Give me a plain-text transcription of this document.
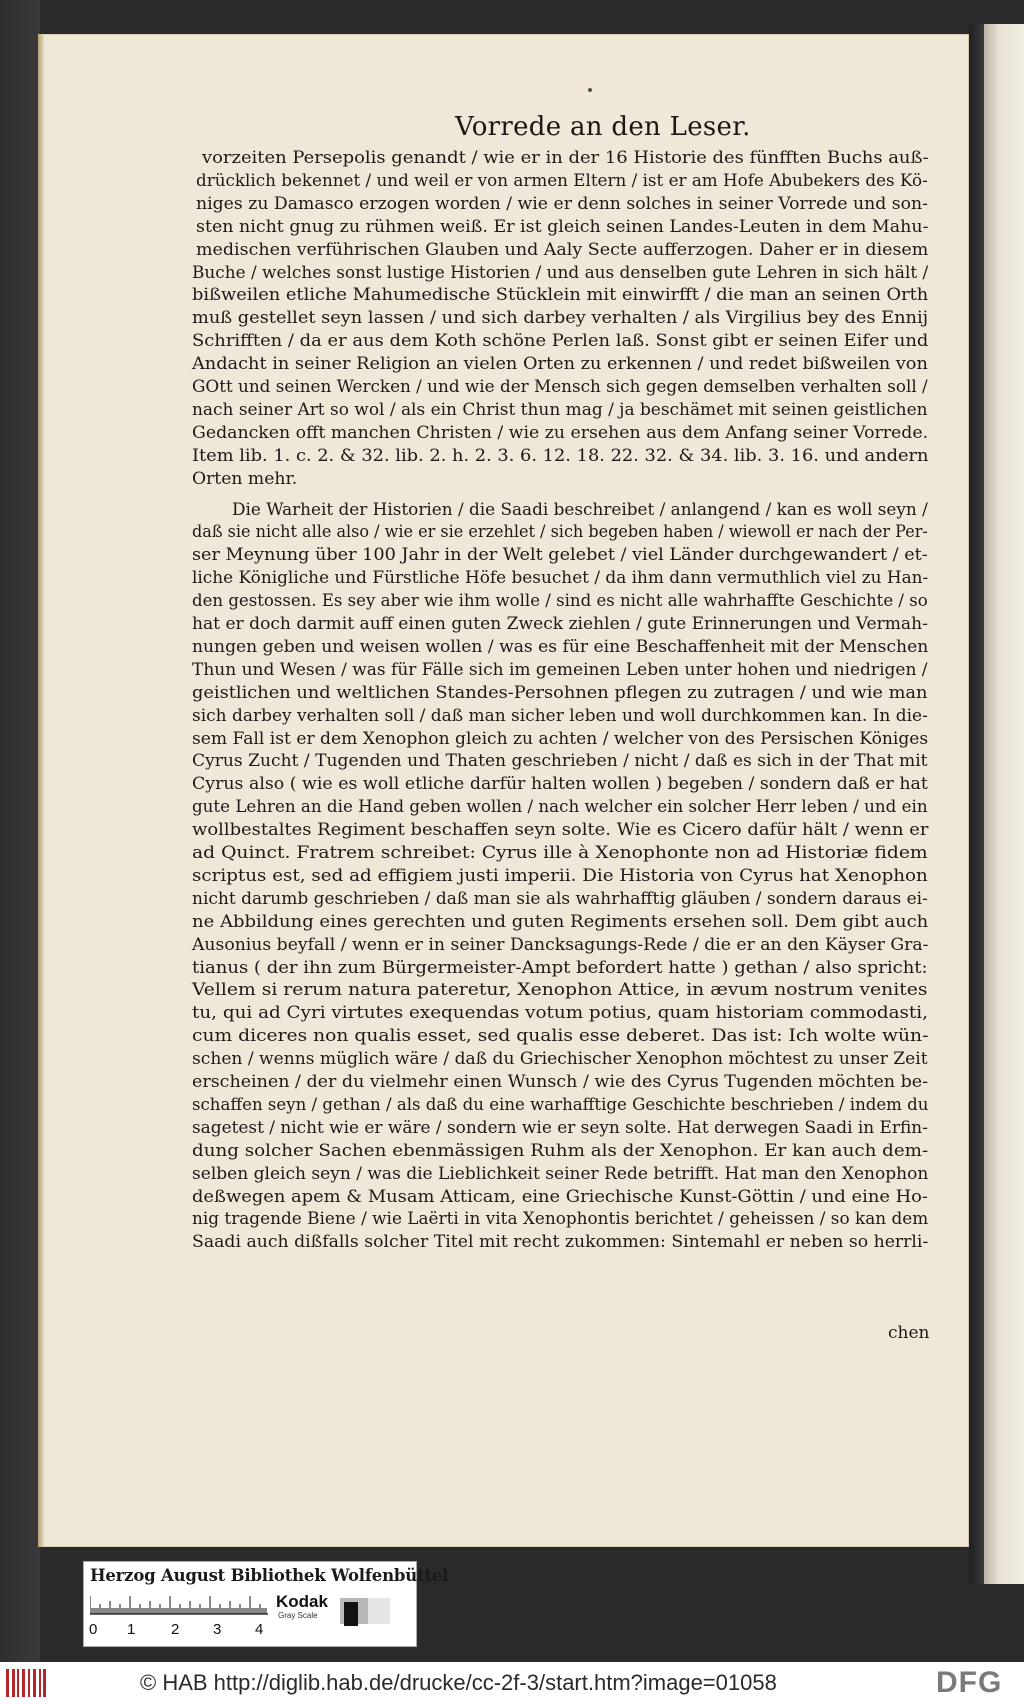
Vorrede an den Leser.
vorzeiten Persepolis genandt / wie er in der 16 Historie des fünfften Buchs auß-
drücklich bekennet / und weil er von armen Eltern / ist er am Hofe Abubekers des Kö-
niges zu Damasco erzogen worden / wie er denn solches in seiner Vorrede und son-
sten nicht gnug zu rühmen weiß. Er ist gleich seinen Landes-Leuten in dem Mahu-
medischen verführischen Glauben und Aaly Secte aufferzogen. Daher er in diesem
Buche / welches sonst lustige Historien / und aus denselben gute Lehren in sich hält /
bißweilen etliche Mahumedische Stücklein mit einwirfft / die man an seinen Orth
muß gestellet seyn lassen / und sich darbey verhalten / als Virgilius bey des Ennij
Schrifften / da er aus dem Koth schöne Perlen laß. Sonst gibt er seinen Eifer und
Andacht in seiner Religion an vielen Orten zu erkennen / und redet bißweilen von
GOtt und seinen Wercken / und wie der Mensch sich gegen demselben verhalten soll /
nach seiner Art so wol / als ein Christ thun mag / ja beschämet mit seinen geistlichen
Gedancken offt manchen Christen / wie zu ersehen aus dem Anfang seiner Vorrede.
Item lib. 1. c. 2. & 32. lib. 2. h. 2. 3. 6. 12. 18. 22. 32. & 34. lib. 3. 16. und andern
Orten mehr.
Die Warheit der Historien / die Saadi beschreibet / anlangend / kan es woll seyn /
daß sie nicht alle also / wie er sie erzehlet / sich begeben haben / wiewoll er nach der Per-
ser Meynung über 100 Jahr in der Welt gelebet / viel Länder durchgewandert / et-
liche Königliche und Fürstliche Höfe besuchet / da ihm dann vermuthlich viel zu Han-
den gestossen. Es sey aber wie ihm wolle / sind es nicht alle wahrhaffte Geschichte / so
hat er doch darmit auff einen guten Zweck ziehlen / gute Erinnerungen und Vermah-
nungen geben und weisen wollen / was es für eine Beschaffenheit mit der Menschen
Thun und Wesen / was für Fälle sich im gemeinen Leben unter hohen und niedrigen /
geistlichen und weltlichen Standes-Persohnen pflegen zu zutragen / und wie man
sich darbey verhalten soll / daß man sicher leben und woll durchkommen kan. In die-
sem Fall ist er dem Xenophon gleich zu achten / welcher von des Persischen Königes
Cyrus Zucht / Tugenden und Thaten geschrieben / nicht / daß es sich in der That mit
Cyrus also ( wie es woll etliche darfür halten wollen ) begeben / sondern daß er hat
gute Lehren an die Hand geben wollen / nach welcher ein solcher Herr leben / und ein
wollbestaltes Regiment beschaffen seyn solte. Wie es Cicero dafür hält / wenn er
ad Quinct. Fratrem schreibet: Cyrus ille à Xenophonte non ad Historiæ fidem
scriptus est, sed ad effigiem justi imperii. Die Historia von Cyrus hat Xenophon
nicht darumb geschrieben / daß man sie als wahrhafftig gläuben / sondern daraus ei-
ne Abbildung eines gerechten und guten Regiments ersehen soll. Dem gibt auch
Ausonius beyfall / wenn er in seiner Dancksagungs-Rede / die er an den Käyser Gra-
tianus ( der ihn zum Bürgermeister-Ampt befordert hatte ) gethan / also spricht:
Vellem si rerum natura pateretur, Xenophon Attice, in ævum nostrum venites
tu, qui ad Cyri virtutes exequendas votum potius, quam historiam commodasti,
cum diceres non qualis esset, sed qualis esse deberet. Das ist: Ich wolte wün-
schen / wenns müglich wäre / daß du Griechischer Xenophon möchtest zu unser Zeit
erscheinen / der du vielmehr einen Wunsch / wie des Cyrus Tugenden möchten be-
schaffen seyn / gethan / als daß du eine warhafftige Geschichte beschrieben / indem du
sagetest / nicht wie er wäre / sondern wie er seyn solte. Hat derwegen Saadi in Erfin-
dung solcher Sachen ebenmässigen Ruhm als der Xenophon. Er kan auch dem-
selben gleich seyn / was die Lieblichkeit seiner Rede betrifft. Hat man den Xenophon
deßwegen apem & Musam Atticam, eine Griechische Kunst-Göttin / und eine Ho-
nig tragende Biene / wie Laërti in vita Xenophontis berichtet / geheissen / so kan dem
Saadi auch dißfalls solcher Titel mit recht zukommen: Sintemahl er neben so herrli-
chen
Herzog August Bibliothek Wolfenbüttel
0 1 2 3 4
Kodak
Gray Scale
© HAB http://diglib.hab.de/drucke/cc-2f-3/start.htm?image=01058	DFG
